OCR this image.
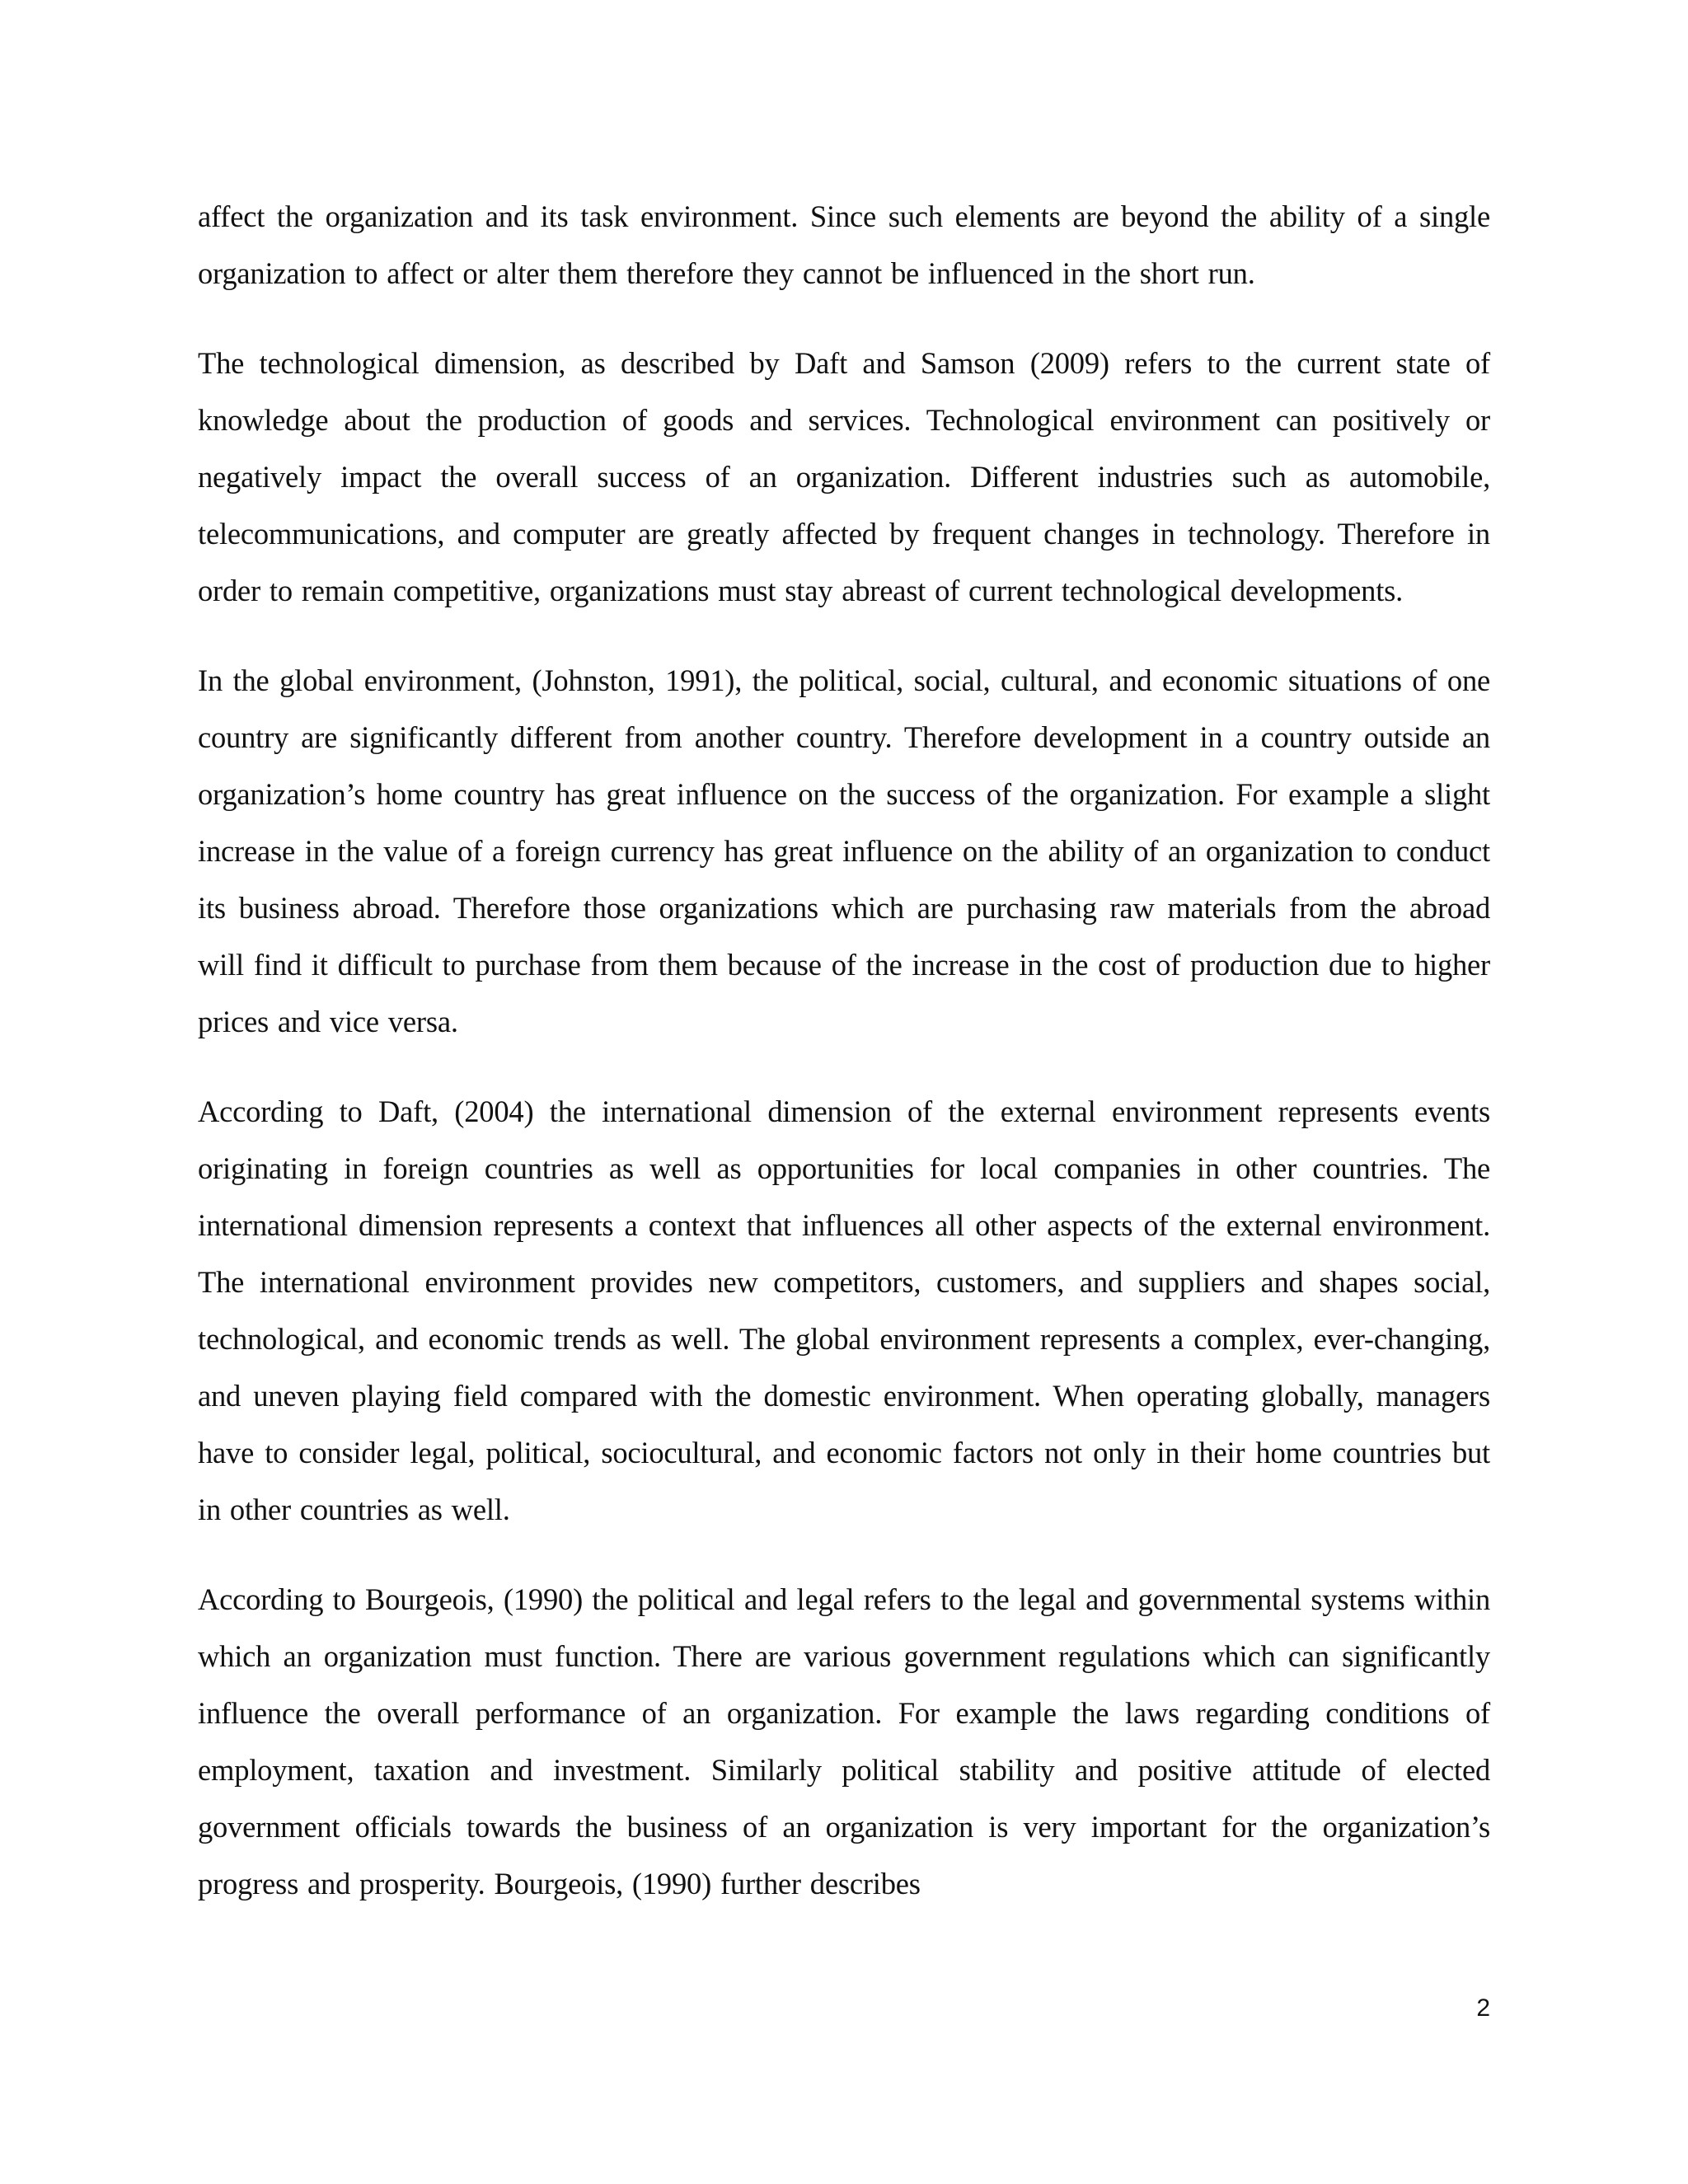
affect the organization and its task environment. Since such elements are beyond the ability of a single organization to affect or alter them therefore they cannot be influenced in the short run.

The technological dimension, as described by Daft and Samson (2009) refers to the current state of knowledge about the production of goods and services. Technological environment can positively or negatively impact the overall success of an organization. Different industries such as automobile, telecommunications, and computer are greatly affected by frequent changes in technology. Therefore in order to remain competitive, organizations must stay abreast of current technological developments.

In the global environment, (Johnston, 1991), the political, social, cultural, and economic situations of one country are significantly different from another country. Therefore development in a country outside an organization’s home country has great influence on the success of the organization. For example a slight increase in the value of a foreign currency has great influence on the ability of an organization to conduct its business abroad. Therefore those organizations which are purchasing raw materials from the abroad will find it difficult to purchase from them because of the increase in the cost of production due to higher prices and vice versa.

According to Daft, (2004) the international dimension of the external environment represents events originating in foreign countries as well as opportunities for local companies in other countries. The international dimension represents a context that influences all other aspects of the external environment. The international environment provides new competitors, customers, and suppliers and shapes social, technological, and economic trends as well. The global environment represents a complex, ever-changing, and uneven playing field compared with the domestic environment. When operating globally, managers have to consider legal, political, sociocultural, and economic factors not only in their home countries but in other countries as well.

According to Bourgeois, (1990) the political and legal refers to the legal and governmental systems within which an organization must function. There are various government regulations which can significantly influence the overall performance of an organization. For example the laws regarding conditions of employment, taxation and investment. Similarly political stability and positive attitude of elected government officials towards the business of an organization is very important for the organization’s progress and prosperity. Bourgeois, (1990) further describes

2
